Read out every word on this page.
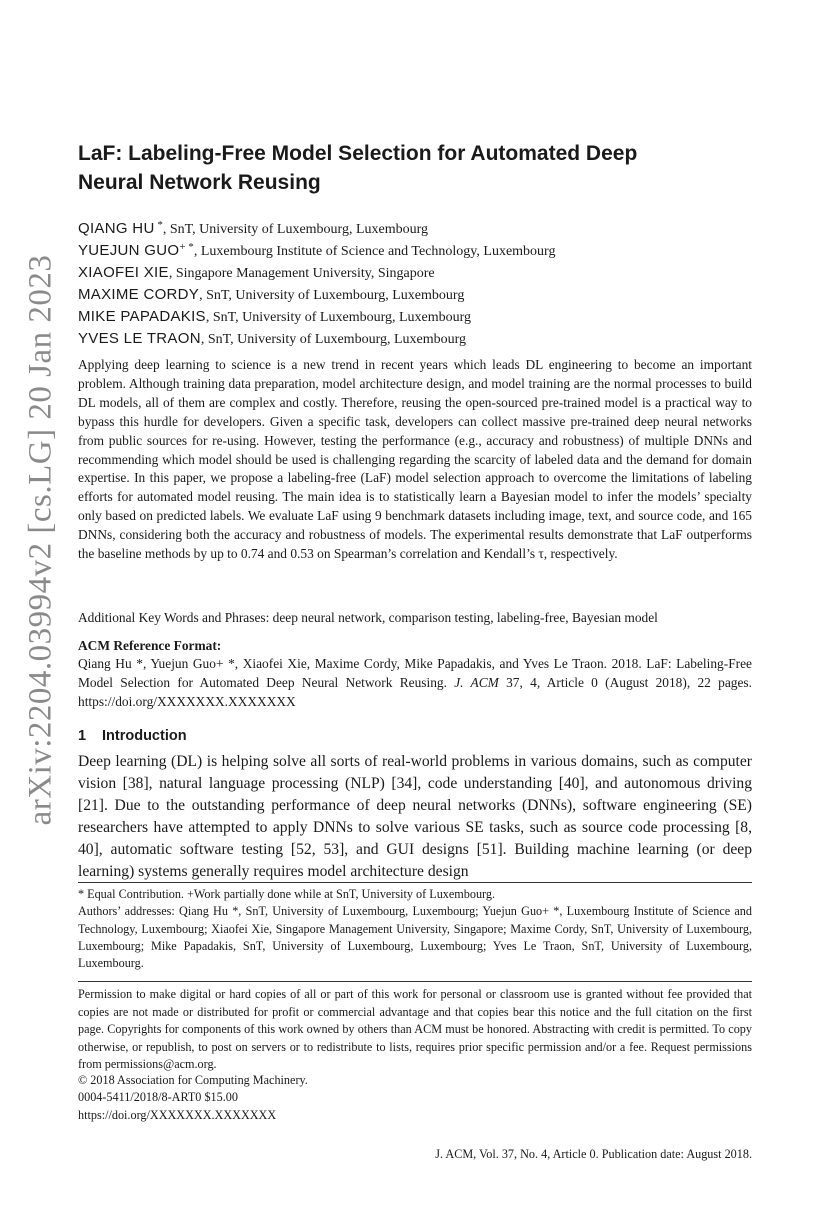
arXiv:2204.03994v2 [cs.LG] 20 Jan 2023
LaF: Labeling-Free Model Selection for Automated Deep
Neural Network Reusing
QIANG HU *, SnT, University of Luxembourg, Luxembourg
YUEJUN GUO+ *, Luxembourg Institute of Science and Technology, Luxembourg
XIAOFEI XIE, Singapore Management University, Singapore
MAXIME CORDY, SnT, University of Luxembourg, Luxembourg
MIKE PAPADAKIS, SnT, University of Luxembourg, Luxembourg
YVES LE TRAON, SnT, University of Luxembourg, Luxembourg

Applying deep learning to science is a new trend in recent years which leads DL engineering to become an important problem. Although training data preparation, model architecture design, and model training are the normal processes to build DL models, all of them are complex and costly. Therefore, reusing the open-sourced pre-trained model is a practical way to bypass this hurdle for developers. Given a specific task, developers can collect massive pre-trained deep neural networks from public sources for re-using. However, testing the performance (e.g., accuracy and robustness) of multiple DNNs and recommending which model should be used is challenging regarding the scarcity of labeled data and the demand for domain expertise. In this paper, we propose a labeling-free (LaF) model selection approach to overcome the limitations of labeling efforts for automated model reusing. The main idea is to statistically learn a Bayesian model to infer the models’ specialty only based on predicted labels. We evaluate LaF using 9 benchmark datasets including image, text, and source code, and 165 DNNs, considering both the accuracy and robustness of models. The experimental results demonstrate that LaF outperforms the baseline methods by up to 0.74 and 0.53 on Spearman’s correlation and Kendall’s τ, respectively.

Additional Key Words and Phrases: deep neural network, comparison testing, labeling-free, Bayesian model

ACM Reference Format:

Qiang Hu *, Yuejun Guo+ *, Xiaofei Xie, Maxime Cordy, Mike Papadakis, and Yves Le Traon. 2018. LaF: Labeling-Free Model Selection for Automated Deep Neural Network Reusing. J. ACM 37, 4, Article 0 (August 2018), 22 pages. https://doi.org/XXXXXXX.XXXXXXX

1 Introduction

Deep learning (DL) is helping solve all sorts of real-world problems in various domains, such as computer vision [38], natural language processing (NLP) [34], code understanding [40], and autonomous driving [21]. Due to the outstanding performance of deep neural networks (DNNs), software engineering (SE) researchers have attempted to apply DNNs to solve various SE tasks, such as source code processing [8, 40], automatic software testing [52, 53], and GUI designs [51]. Building machine learning (or deep learning) systems generally requires model architecture design

* Equal Contribution. +Work partially done while at SnT, University of Luxembourg.
Authors’ addresses: Qiang Hu *, SnT, University of Luxembourg, Luxembourg; Yuejun Guo+ *, Luxembourg Institute of Science and Technology, Luxembourg; Xiaofei Xie, Singapore Management University, Singapore; Maxime Cordy, SnT, University of Luxembourg, Luxembourg; Mike Papadakis, SnT, University of Luxembourg, Luxembourg; Yves Le Traon, SnT, University of Luxembourg, Luxembourg.

Permission to make digital or hard copies of all or part of this work for personal or classroom use is granted without fee provided that copies are not made or distributed for profit or commercial advantage and that copies bear this notice and the full citation on the first page. Copyrights for components of this work owned by others than ACM must be honored. Abstracting with credit is permitted. To copy otherwise, or republish, to post on servers or to redistribute to lists, requires prior specific permission and/or a fee. Request permissions from permissions@acm.org.

© 2018 Association for Computing Machinery.
0004-5411/2018/8-ART0 $15.00
https://doi.org/XXXXXXX.XXXXXXX
J. ACM, Vol. 37, No. 4, Article 0. Publication date: August 2018.
